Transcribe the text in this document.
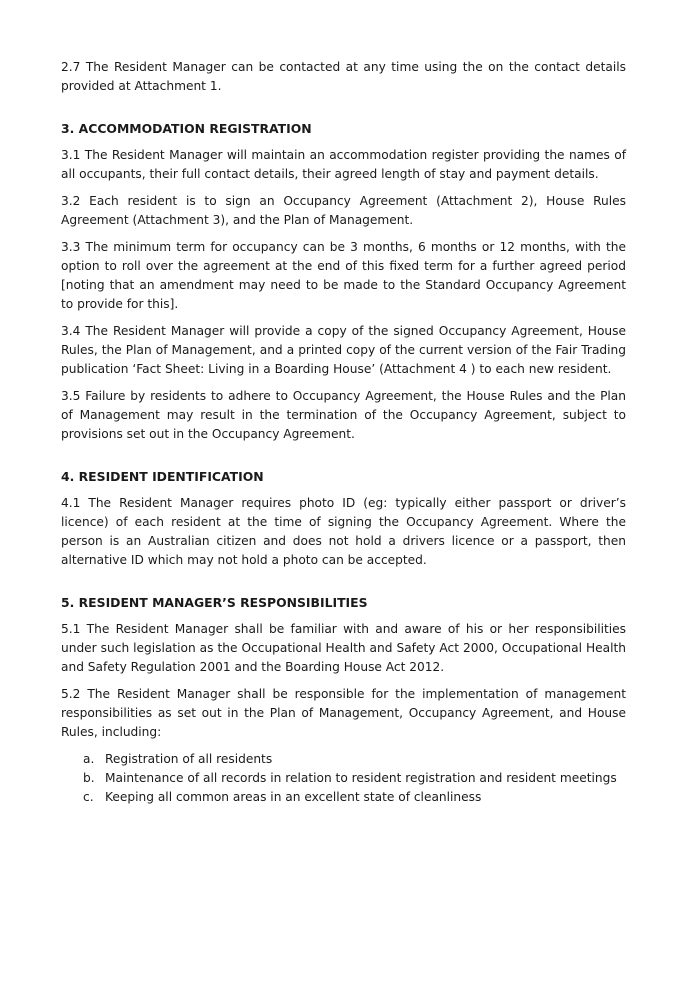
2.7 The Resident Manager can be contacted at any time using the on the contact details provided at Attachment 1.

3. ACCOMMODATION REGISTRATION

3.1 The Resident Manager will maintain an accommodation register providing the names of all occupants, their full contact details, their agreed length of stay and payment details.

3.2 Each resident is to sign an Occupancy Agreement (Attachment 2), House Rules Agreement (Attachment 3), and the Plan of Management.

3.3 The minimum term for occupancy can be 3 months, 6 months or 12 months, with the option to roll over the agreement at the end of this fixed term for a further agreed period [noting that an amendment may need to be made to the Standard Occupancy Agreement to provide for this].

3.4 The Resident Manager will provide a copy of the signed Occupancy Agreement, House Rules, the Plan of Management, and a printed copy of the current version of the Fair Trading publication ‘Fact Sheet: Living in a Boarding House’ (Attachment 4 ) to each new resident.

3.5 Failure by residents to adhere to Occupancy Agreement, the House Rules and the Plan of Management may result in the termination of the Occupancy Agreement, subject to provisions set out in the Occupancy Agreement.

4. RESIDENT IDENTIFICATION

4.1 The Resident Manager requires photo ID (eg: typically either passport or driver’s licence) of each resident at the time of signing the Occupancy Agreement. Where the person is an Australian citizen and does not hold a drivers licence or a passport, then alternative ID which may not hold a photo can be accepted.

5. RESIDENT MANAGER’S RESPONSIBILITIES

5.1 The Resident Manager shall be familiar with and aware of his or her responsibilities under such legislation as the Occupational Health and Safety Act 2000, Occupational Health and Safety Regulation 2001 and the Boarding House Act 2012.

5.2 The Resident Manager shall be responsible for the implementation of management responsibilities as set out in the Plan of Management, Occupancy Agreement, and House Rules, including:

a. Registration of all residents
b. Maintenance of all records in relation to resident registration and resident meetings
c. Keeping all common areas in an excellent state of cleanliness
